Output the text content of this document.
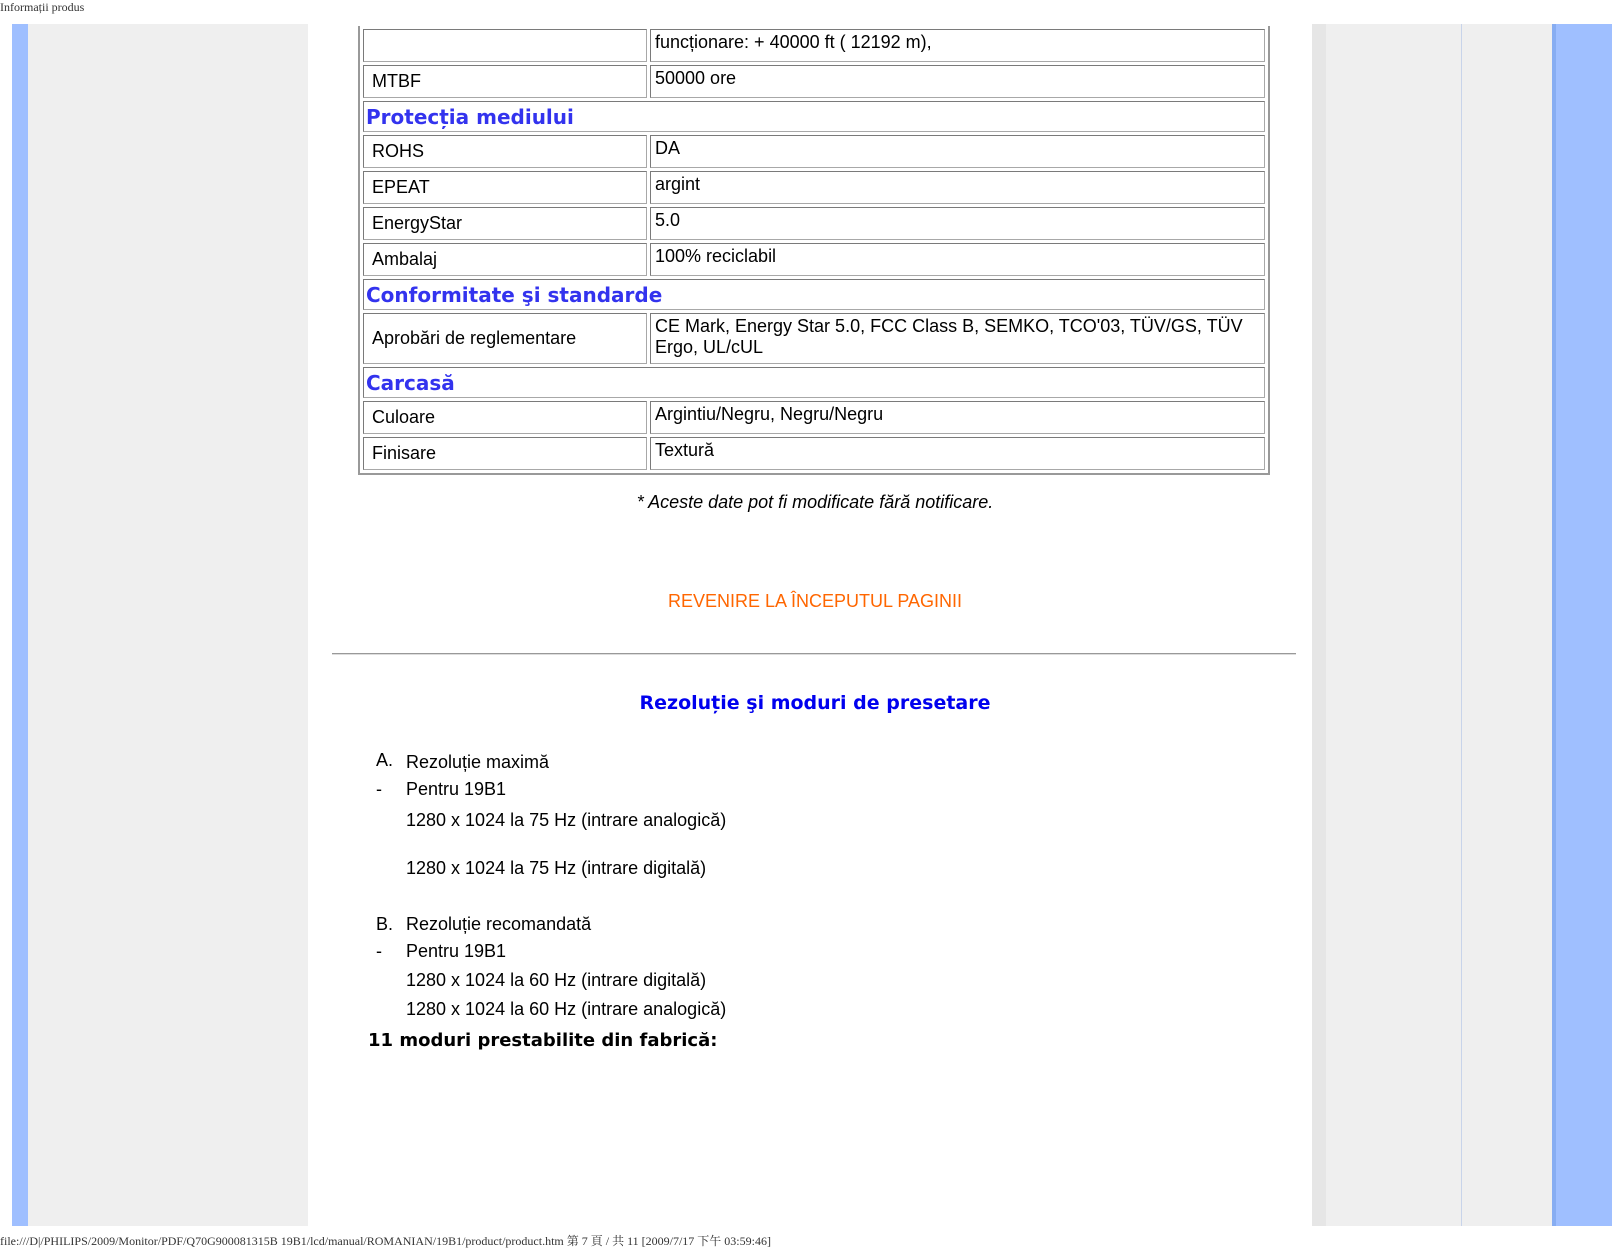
Informații produs
	funcționare: + 40000 ft ( 12192 m),
MTBF	50000 ore
Protecția mediului	
ROHS	DA
EPEAT	argint
EnergyStar	5.0
Ambalaj	100% reciclabil
Conformitate şi standarde	
Aprobări de reglementare	CE Mark, Energy Star 5.0, FCC Class B, SEMKO, TCO'03, TÜV/GS, TÜV Ergo, UL/cUL
Carcasă	
Culoare	Argintiu/Negru, Negru/Negru
Finisare	Textură
* Aceste date pot fi modificate fără notificare.
REVENIRE LA ÎNCEPUTUL PAGINII
Rezoluție şi moduri de presetare
A. Rezoluție maximă
- Pentru 19B1
1280 x 1024 la 75 Hz (intrare analogică)
1280 x 1024 la 75 Hz (intrare digitală)
B. Rezoluție recomandată
- Pentru 19B1
1280 x 1024 la 60 Hz (intrare digitală)
1280 x 1024 la 60 Hz (intrare analogică)
11 moduri prestabilite din fabrică:
file:///D|/PHILIPS/2009/Monitor/PDF/Q70G900081315B 19B1/lcd/manual/ROMANIAN/19B1/product/product.htm 第 7 頁 / 共 11 [2009/7/17 下午 03:59:46]
